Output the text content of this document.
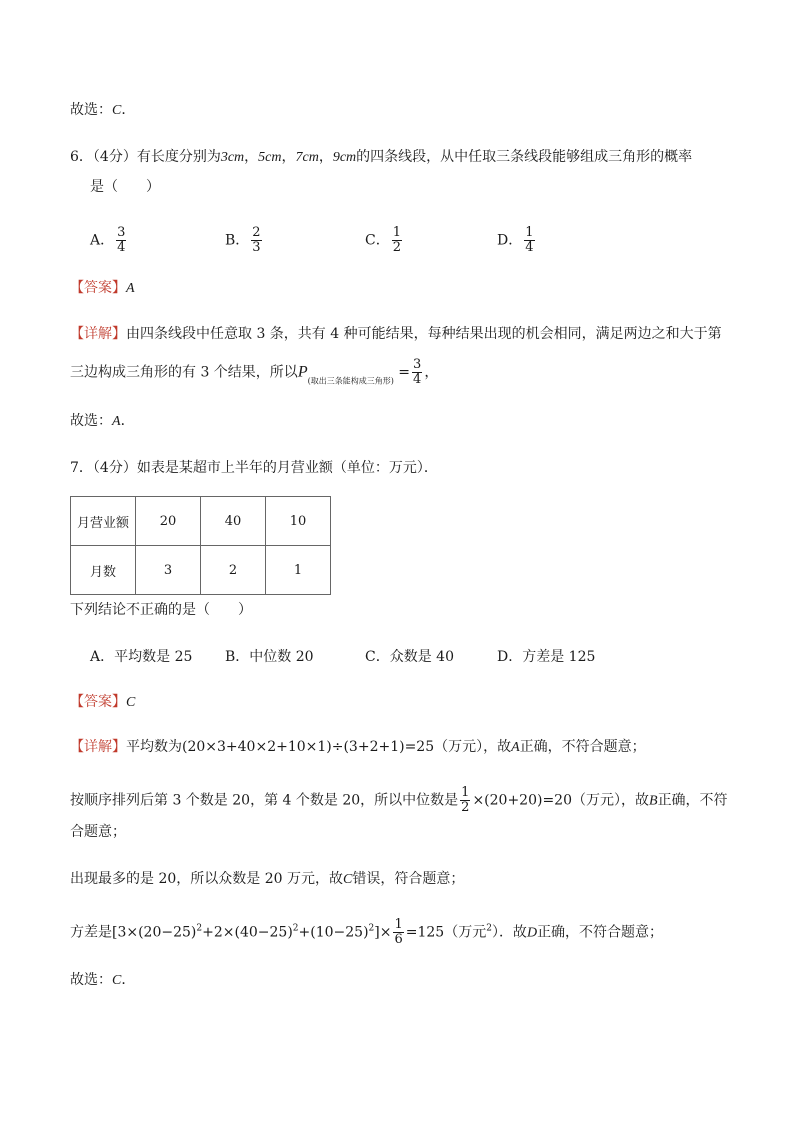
故选：C．
6．（4分）有长度分别为3cm，5cm，7cm，9cm的四条线段，从中任取三条线段能够组成三角形的概率
是（　　）
A． $\frac{3}{4}$	B． $\frac{2}{3}$	C． $\frac{1}{2}$	D． $\frac{1}{4}$
【答案】A
【详解】由四条线段中任意取 3 条，共有 4 种可能结果，每种结果出现的机会相同，满足两边之和大于第
三边构成三角形的有 3 个结果，所以$P_{(取出三条能构成三角形)} = \frac{3}{4}$ ，
故选：A．
7．（4分）如表是某超市上半年的月营业额（单位：万元）．
月营业额	20	40	10
月数	3	2	1
下列结论不正确的是（　　）
A．平均数是 25 B．中位数 20	C．众数是 40	D．方差是 125
【答案】C
【详解】平均数为(20×3+40×2+10×1)÷(3+2+1)=25（万元），故A正确，不符合题意；
按顺序排列后第 3 个数是 20，第 4 个数是 20，所以中位数是 $\frac{1}{2} \times(20+20)=20$（万元），故B正确，不符
合题意；
出现最多的是 20，所以众数是 20 万元，故C错误，符合题意；
方差是$[3\times(20-25)^2+2\times(40-25)^2+(10-25)^2]\times \frac{1}{6} =125$（万元$^2$）．故D正确，不符合题意；
故选：C．
